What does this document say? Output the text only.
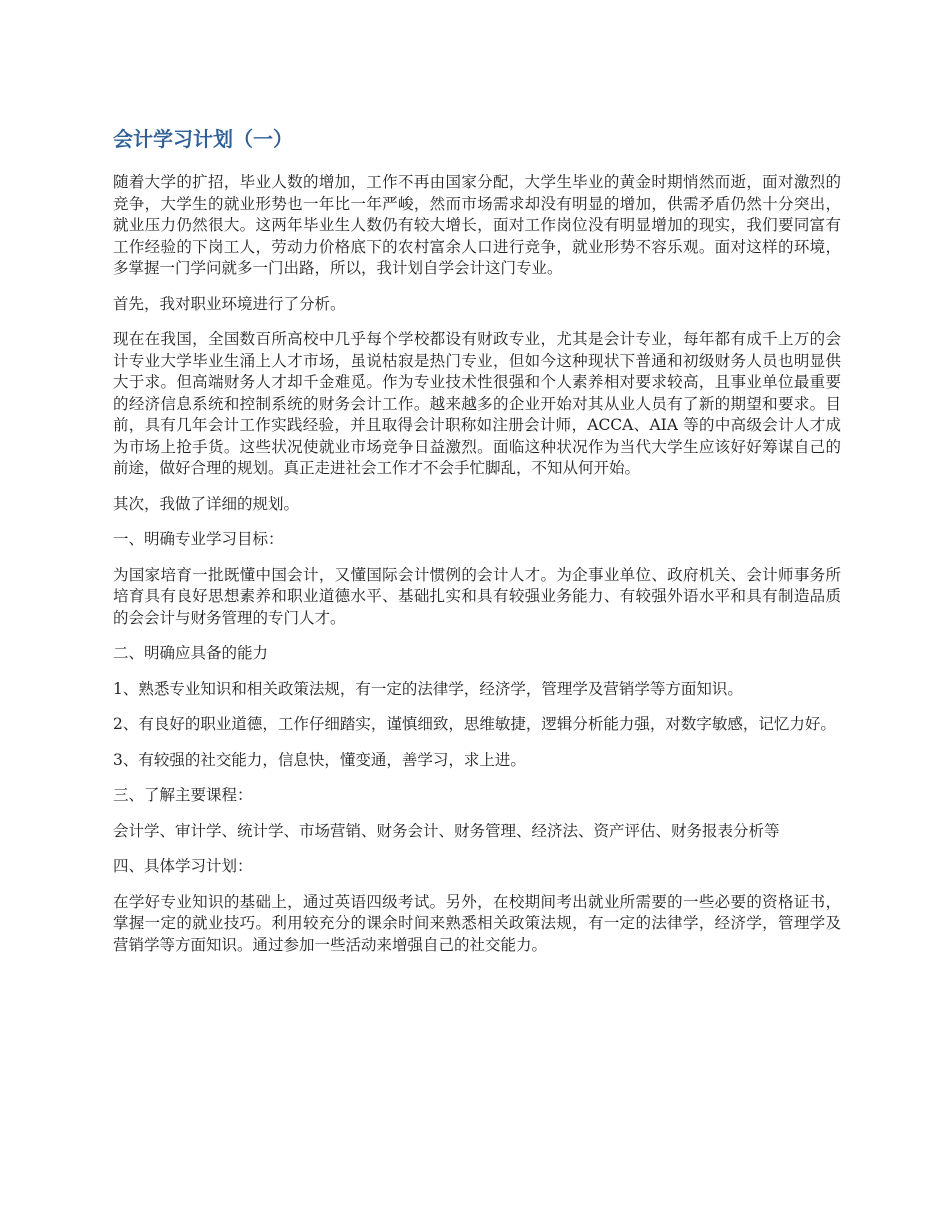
会计学习计划（一）

随着大学的扩招，毕业人数的增加，工作不再由国家分配，大学生毕业的黄金时期悄然而逝，面对激烈的竞争，大学生的就业形势也一年比一年严峻，然而市场需求却没有明显的增加，供需矛盾仍然十分突出，就业压力仍然很大。这两年毕业生人数仍有较大增长，面对工作岗位没有明显增加的现实，我们要同富有工作经验的下岗工人，劳动力价格底下的农村富余人口进行竞争，就业形势不容乐观。面对这样的环境，多掌握一门学问就多一门出路，所以，我计划自学会计这门专业。

首先，我对职业环境进行了分析。

现在在我国，全国数百所高校中几乎每个学校都设有财政专业，尤其是会计专业，每年都有成千上万的会计专业大学毕业生涌上人才市场，虽说枯寂是热门专业，但如今这种现状下普通和初级财务人员也明显供大于求。但高端财务人才却千金难觅。作为专业技术性很强和个人素养相对要求较高，且事业单位最重要的经济信息系统和控制系统的财务会计工作。越来越多的企业开始对其从业人员有了新的期望和要求。目前，具有几年会计工作实践经验，并且取得会计职称如注册会计师，ACCA、AIA 等的中高级会计人才成为市场上抢手货。这些状况使就业市场竞争日益激烈。面临这种状况作为当代大学生应该好好筹谋自己的前途，做好合理的规划。真正走进社会工作才不会手忙脚乱，不知从何开始。

其次，我做了详细的规划。

一、明确专业学习目标：

为国家培育一批既懂中国会计，又懂国际会计惯例的会计人才。为企事业单位、政府机关、会计师事务所培育具有良好思想素养和职业道德水平、基础扎实和具有较强业务能力、有较强外语水平和具有制造品质的会会计与财务管理的专门人才。

二、明确应具备的能力

1、熟悉专业知识和相关政策法规，有一定的法律学，经济学，管理学及营销学等方面知识。

2、有良好的职业道德，工作仔细踏实，谨慎细致，思维敏捷，逻辑分析能力强，对数字敏感，记忆力好。

3、有较强的社交能力，信息快，懂变通，善学习，求上进。

三、了解主要课程：

会计学、审计学、统计学、市场营销、财务会计、财务管理、经济法、资产评估、财务报表分析等

四、具体学习计划：

在学好专业知识的基础上，通过英语四级考试。另外，在校期间考出就业所需要的一些必要的资格证书，掌握一定的就业技巧。利用较充分的课余时间来熟悉相关政策法规，有一定的法律学，经济学，管理学及营销学等方面知识。通过参加一些活动来增强自己的社交能力。
